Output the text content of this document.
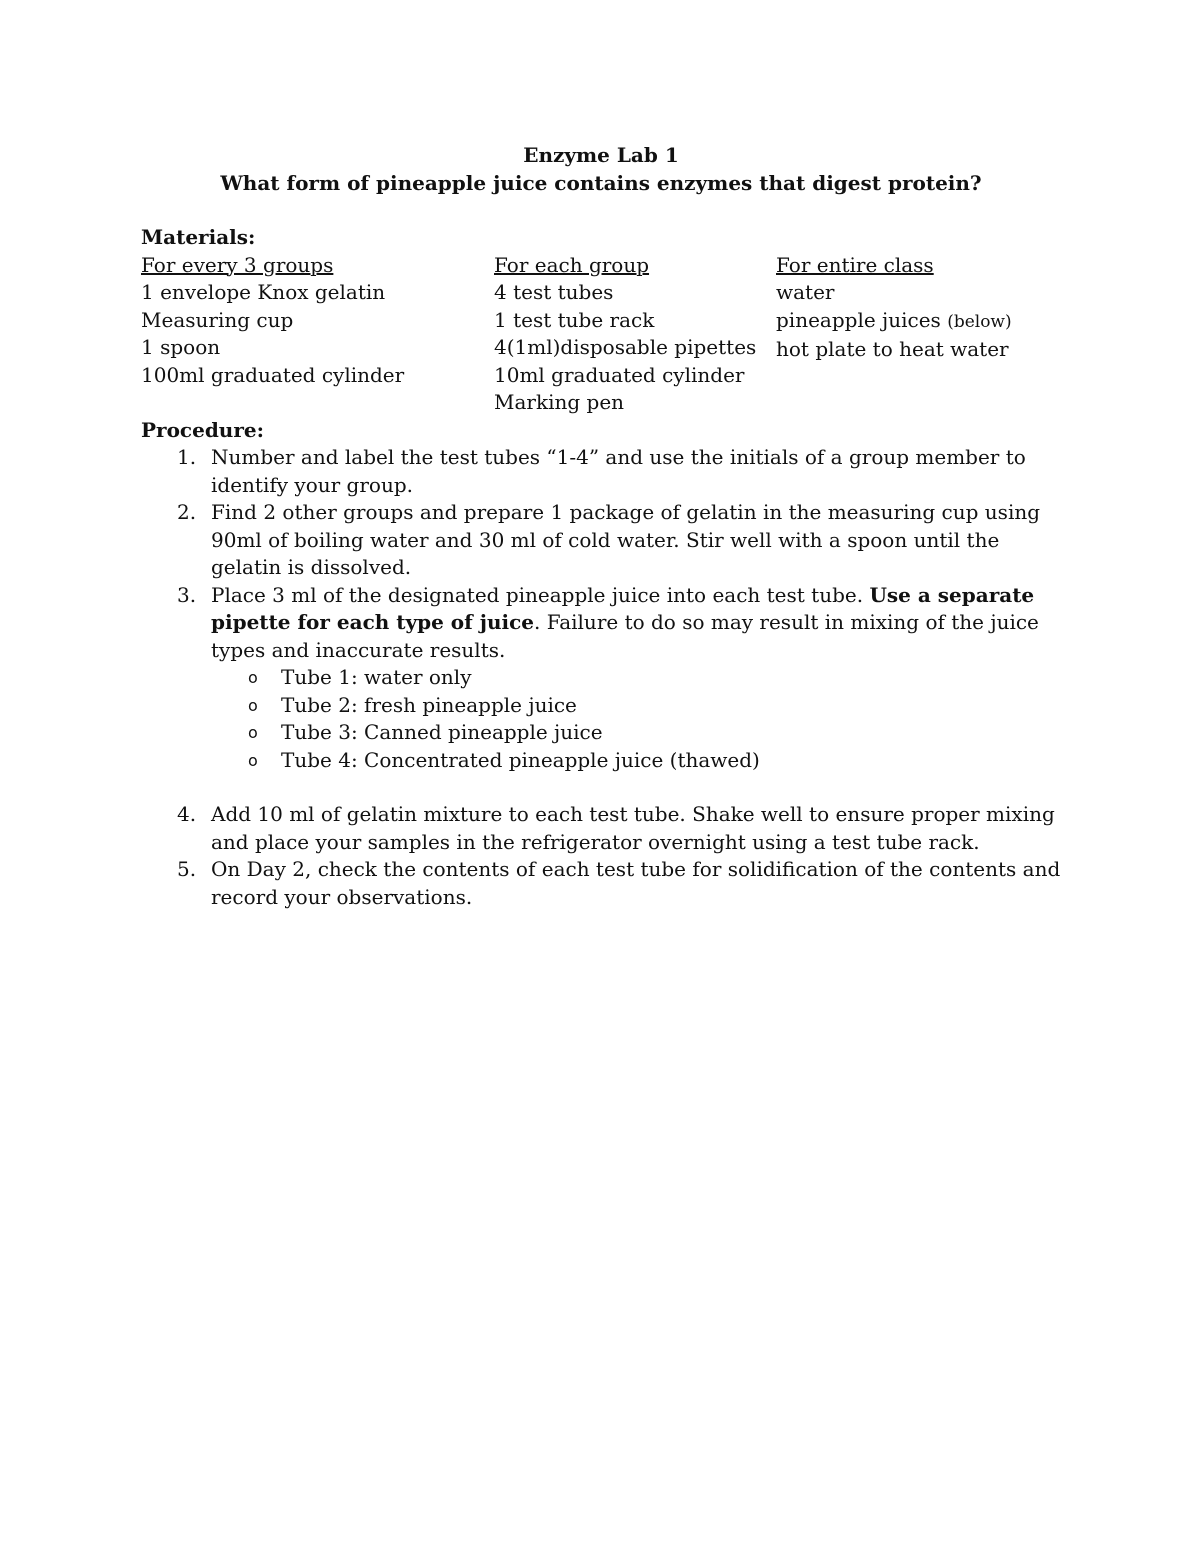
Enzyme Lab 1
What form of pineapple juice contains enzymes that digest protein?
Materials:
For every 3 groups
1 envelope Knox gelatin
Measuring cup
1 spoon
100ml graduated cylinder
For each group
4 test tubes
1 test tube rack
4(1ml)disposable pipettes
10ml graduated cylinder
Marking pen
For entire class
water
pineapple juices (below)
hot plate to heat water
Procedure:
1. Number and label the test tubes “1-4” and use the initials of a group member to identify your group.
2. Find 2 other groups and prepare 1 package of gelatin in the measuring cup using 90ml of boiling water and 30 ml of cold water. Stir well with a spoon until the gelatin is dissolved.
3. Place 3 ml of the designated pineapple juice into each test tube. Use a separate pipette for each type of juice. Failure to do so may result in mixing of the juice types and inaccurate results.
o Tube 1: water only
o Tube 2: fresh pineapple juice
o Tube 3: Canned pineapple juice
o Tube 4: Concentrated pineapple juice (thawed)
4. Add 10 ml of gelatin mixture to each test tube. Shake well to ensure proper mixing and place your samples in the refrigerator overnight using a test tube rack.
5. On Day 2, check the contents of each test tube for solidification of the contents and record your observations.
